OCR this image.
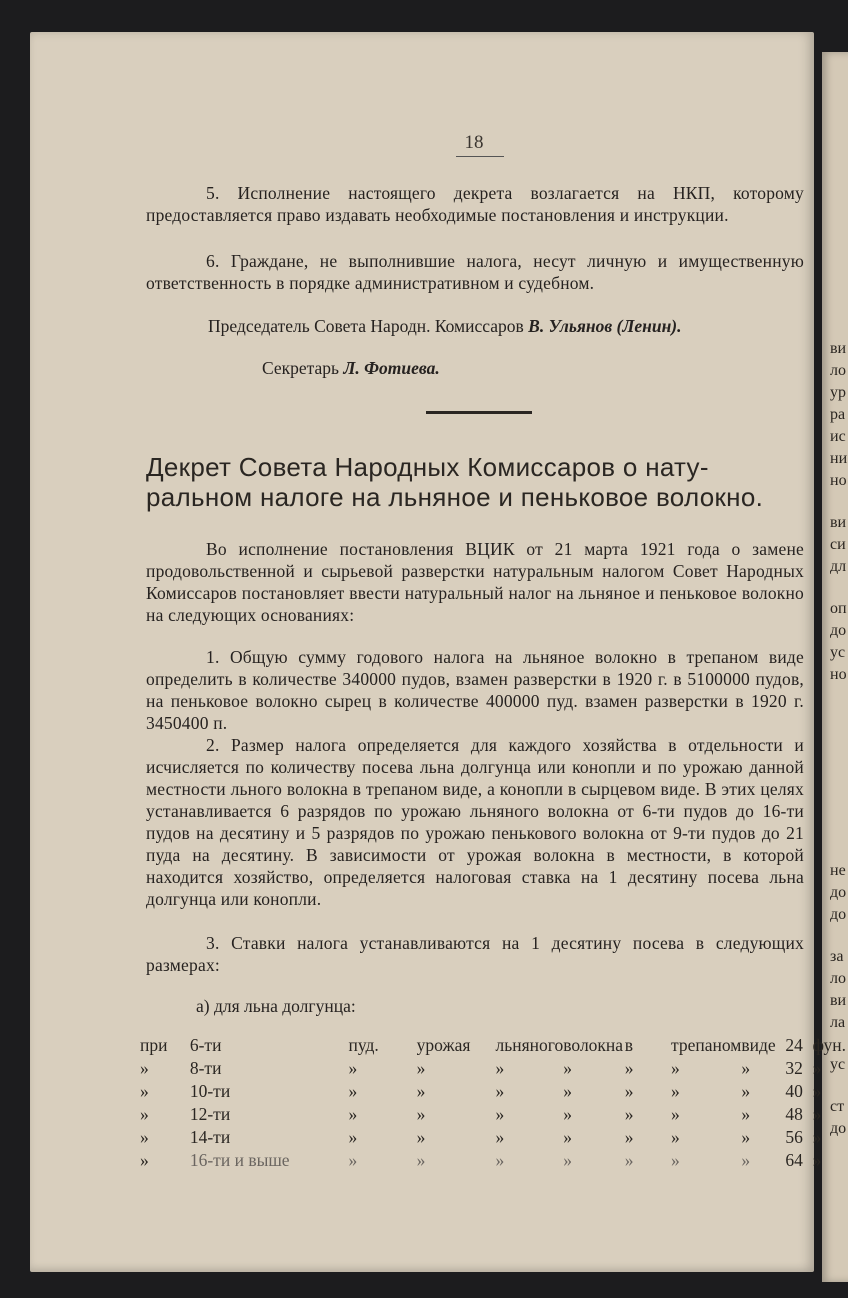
ви
ло
ур
ра
ис
ни
но
ви
си
дл
оп
до
ус
но
не
до
до
за
ло
ви
ла
ус
ст
до
18
5. Исполнение настоящего декрета возлагается на НКП, которому предоставляется право издавать необходимые постановления и инструкции.
6. Граждане, не выполнившие налога, несут личную и имущественную ответственность в порядке административном и судебном.
Председатель Совета Народн. Комиссаров В. Ульянов (Ленин).
Секретарь Л. Фотиева.
Декрет Совета Народных Комиссаров о нату-
ральном налоге на льняное и пеньковое волокно.
Во исполнение постановления ВЦИК от 21 марта 1921 года о замене продовольственной и сырьевой разверстки натуральным налогом Совет Народных Комиссаров постановляет ввести натуральный налог на льняное и пеньковое волокно на следующих основаниях:
1. Общую сумму годового налога на льняное волокно в трепаном виде определить в количестве 340000 пудов, взамен разверстки в 1920 г. в 5100000 пудов, на пеньковое волокно сырец в количестве 400000 пуд. взамен разверстки в 1920 г. 3450400 п.
2. Размер налога определяется для каждого хозяйства в отдельности и исчисляется по количеству посева льна долгунца или конопли и по урожаю данной местности льного волокна в трепаном виде, а конопли в сырцевом виде. В этих целях устанавливается 6 разрядов по урожаю льняного волокна от 6-ти пудов до 16-ти пудов на десятину и 5 разрядов по урожаю пенькового волокна от 9-ти пудов до 21 пуда на десятину. В зависимости от урожая волокна в местности, в которой находится хозяйство, определяется налоговая ставка на 1 десятину посева льна долгунца или конопли.
3. Ставки налога устанавливаются на 1 десятину посева в следующих размерах:
а) для льна долгунца:
при	6-ти	пуд.	урожая	льняного	волокна	в	трепаном	виде	24	фун.
»	8-ти	»	»	»	»	»	»	»	32	»
»	10-ти	»	»	»	»	»	»	»	40	»
»	12-ти	»	»	»	»	»	»	»	48	»
»	14-ти	»	»	»	»	»	»	»	56	»
»	16-ти и выше	»	»	»	»	»	»	»	64	»
